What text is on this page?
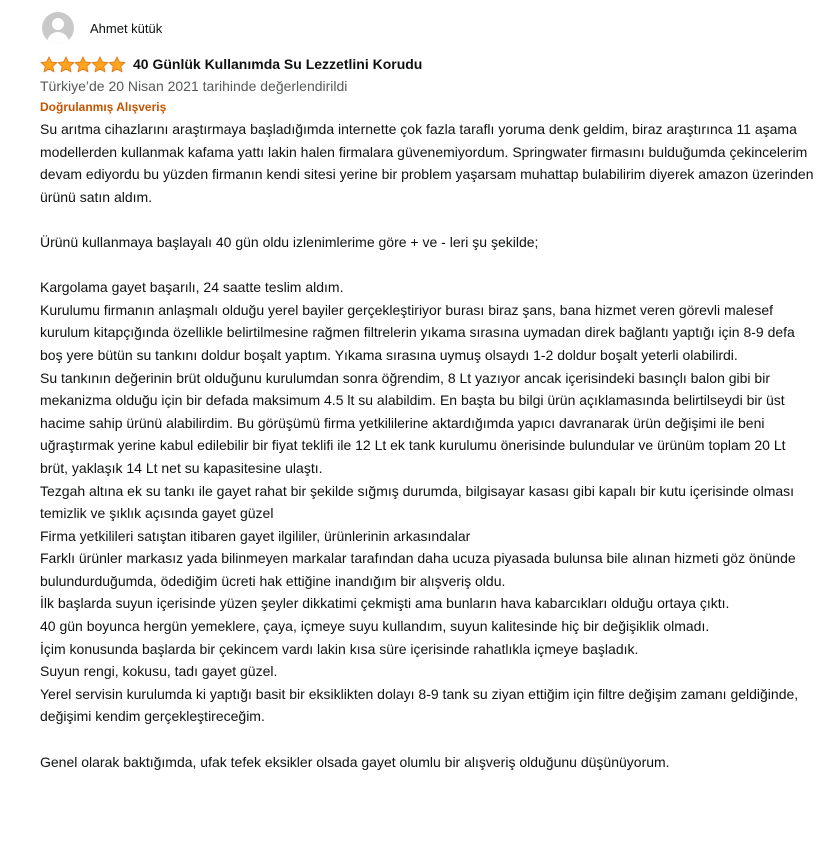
Ahmet kütük
40 Günlük Kullanımda Su Lezzetlini Korudu
Türkiye’de 20 Nisan 2021 tarihinde değerlendirildi
Doğrulanmış Alışveriş

Su arıtma cihazlarını araştırmaya başladığımda internette çok fazla taraflı yoruma denk geldim, biraz araştırınca 11 aşama modellerden kullanmak kafama yattı lakin halen firmalara güvenemiyordum. Springwater firmasını bulduğumda çekincelerim devam ediyordu bu yüzden firmanın kendi sitesi yerine bir problem yaşarsam muhattap bulabilirim diyerek amazon üzerinden ürünü satın aldım.

Ürünü kullanmaya başlayalı 40 gün oldu izlenimlerime göre + ve - leri şu şekilde;

Kargolama gayet başarılı, 24 saatte teslim aldım.

Kurulumu firmanın anlaşmalı olduğu yerel bayiler gerçekleştiriyor burası biraz şans, bana hizmet veren görevli malesef kurulum kitapçığında özellikle belirtilmesine rağmen filtrelerin yıkama sırasına uymadan direk bağlantı yaptığı için 8-9 defa boş yere bütün su tankını doldur boşalt yaptım. Yıkama sırasına uymuş olsaydı 1-2 doldur boşalt yeterli olabilirdi.

Su tankının değerinin brüt olduğunu kurulumdan sonra öğrendim, 8 Lt yazıyor ancak içerisindeki basınçlı balon gibi bir mekanizma olduğu için bir defada maksimum 4.5 lt su alabildim. En başta bu bilgi ürün açıklamasında belirtilseydi bir üst hacime sahip ürünü alabilirdim. Bu görüşümü firma yetkililerine aktardığımda yapıcı davranarak ürün değişimi ile beni uğraştırmak yerine kabul edilebilir bir fiyat teklifi ile 12 Lt ek tank kurulumu önerisinde bulundular ve ürünüm toplam 20 Lt brüt, yaklaşık 14 Lt net su kapasitesine ulaştı.

Tezgah altına ek su tankı ile gayet rahat bir şekilde sığmış durumda, bilgisayar kasası gibi kapalı bir kutu içerisinde olması temizlik ve şıklık açısında gayet güzel

Firma yetkilileri satıştan itibaren gayet ilgililer, ürünlerinin arkasındalar

Farklı ürünler markasız yada bilinmeyen markalar tarafından daha ucuza piyasada bulunsa bile alınan hizmeti göz önünde bulundurduğumda, ödediğim ücreti hak ettiğine inandığım bir alışveriş oldu.

İlk başlarda suyun içerisinde yüzen şeyler dikkatimi çekmişti ama bunların hava kabarcıkları olduğu ortaya çıktı.

40 gün boyunca hergün yemeklere, çaya, içmeye suyu kullandım, suyun kalitesinde hiç bir değişiklik olmadı.

İçim konusunda başlarda bir çekincem vardı lakin kısa süre içerisinde rahatlıkla içmeye başladık.

Suyun rengi, kokusu, tadı gayet güzel.

Yerel servisin kurulumda ki yaptığı basit bir eksiklikten dolayı 8-9 tank su ziyan ettiğim için filtre değişim zamanı geldiğinde, değişimi kendim gerçekleştireceğim.

Genel olarak baktığımda, ufak tefek eksikler olsada gayet olumlu bir alışveriş olduğunu düşünüyorum.
